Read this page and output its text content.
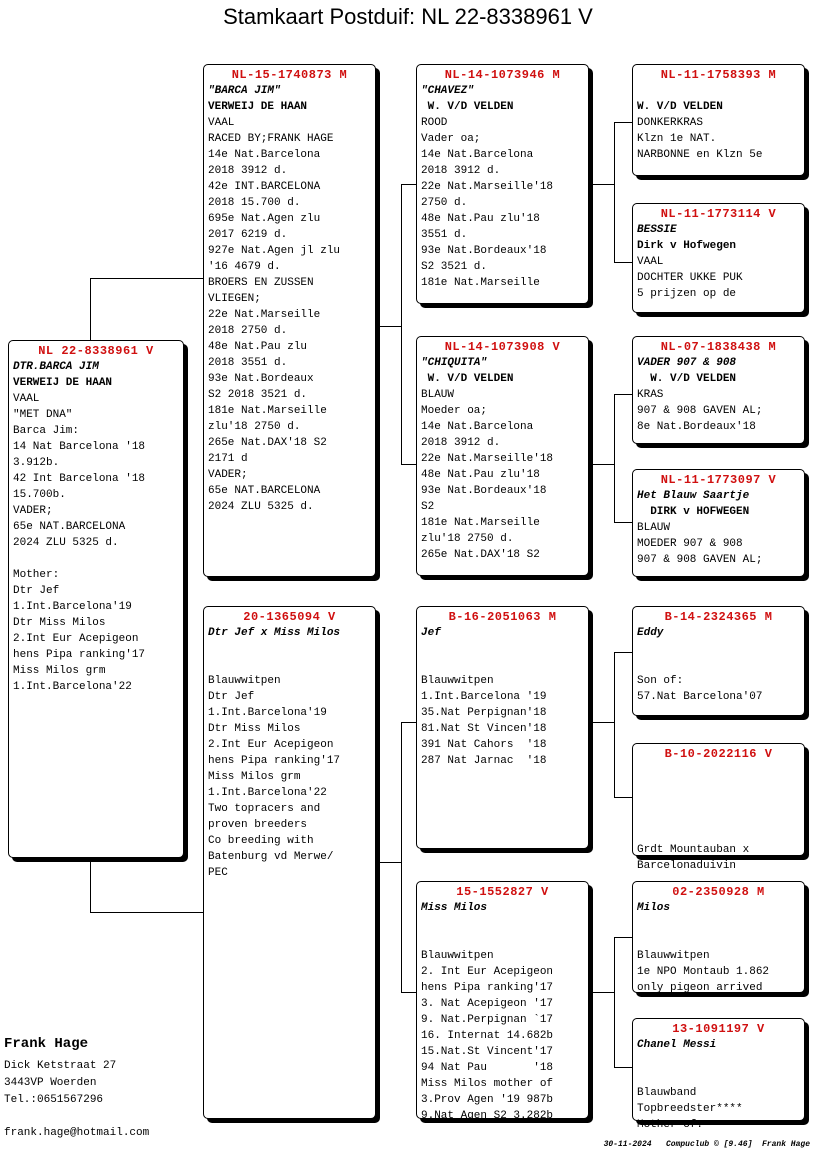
Stamkaart Postduif: NL 22-8338961 V
NL 22-8338961 V
DTR.BARCA JIM
VERWEIJ DE HAAN
VAAL
"MET DNA"
Barca Jim:
14 Nat Barcelona '18
3.912b.
42 Int Barcelona '18
15.700b.
VADER;
65e NAT.BARCELONA
2024 ZLU 5325 d.

Mother:
Dtr Jef
1.Int.Barcelona'19
Dtr Miss Milos
2.Int Eur Acepigeon
hens Pipa ranking'17
Miss Milos grm
1.Int.Barcelona'22
NL-15-1740873 M
"BARCA JIM"
VERWEIJ DE HAAN
VAAL
RACED BY;FRANK HAGE
14e Nat.Barcelona
2018 3912 d.
42e INT.BARCELONA
2018 15.700 d.
695e Nat.Agen zlu
2017 6219 d.
927e Nat.Agen jl zlu
'16 4679 d.
BROERS EN ZUSSEN
VLIEGEN;
22e Nat.Marseille
2018 2750 d.
48e Nat.Pau zlu
2018 3551 d.
93e Nat.Bordeaux
S2 2018 3521 d.
181e Nat.Marseille
zlu'18 2750 d.
265e Nat.DAX'18 S2
2171 d
VADER;
65e NAT.BARCELONA
2024 ZLU 5325 d.
20-1365094 V
Dtr Jef x Miss Milos

Blauwwitpen
Dtr Jef
1.Int.Barcelona'19
Dtr Miss Milos
2.Int Eur Acepigeon
hens Pipa ranking'17
Miss Milos grm
1.Int.Barcelona'22
Two topracers and
proven breeders
Co breeding with
Batenburg vd Merwe/
PEC
NL-14-1073946 M
"CHAVEZ"
W. V/D VELDEN
ROOD
Vader oa;
14e Nat.Barcelona
2018 3912 d.
22e Nat.Marseille'18
2750 d.
48e Nat.Pau zlu'18
3551 d.
93e Nat.Bordeaux'18
S2 3521 d.
181e Nat.Marseille
NL-14-1073908 V
"CHIQUITA"
W. V/D VELDEN
BLAUW
Moeder oa;
14e Nat.Barcelona
2018 3912 d.
22e Nat.Marseille'18
48e Nat.Pau zlu'18
93e Nat.Bordeaux'18
S2
181e Nat.Marseille
zlu'18 2750 d.
265e Nat.DAX'18 S2
B-16-2051063 M
Jef

Blauwwitpen
1.Int.Barcelona '19
35.Nat Perpignan'18
81.Nat St Vincen'18
391 Nat Cahors  '18
287 Nat Jarnac  '18
15-1552827 V
Miss Milos

Blauwwitpen
2. Int Eur Acepigeon
hens Pipa ranking'17
3. Nat Acepigeon '17
9. Nat.Perpignan `17
16. Internat 14.682b
15.Nat.St Vincent'17
94 Nat Pau       '18
Miss Milos mother of
3.Prov Agen '19 987b
9.Nat Agen S2 3.282b
NL-11-1758393 M

W. V/D VELDEN
DONKERKRAS
Klzn 1e NAT.
NARBONNE en Klzn 5e
NL-11-1773114 V
BESSIE
Dirk v Hofwegen
VAAL
DOCHTER UKKE PUK
5 prijzen op de
NL-07-1838438 M
VADER 907 & 908
W. V/D VELDEN
KRAS
907 & 908 GAVEN AL;
8e Nat.Bordeaux'18
NL-11-1773097 V
Het Blauw Saartje
DIRK v HOFWEGEN
BLAUW
MOEDER 907 & 908
907 & 908 GAVEN AL;
B-14-2324365 M
Eddy

Son of:
57.Nat Barcelona'07
B-10-2022116 V

Grdt Mountauban x
Barcelonaduivin
02-2350928 M
Milos

Blauwwitpen
1e NPO Montaub 1.862
only pigeon arrived
13-1091197 V
Chanel Messi

Blauwband
Topbreedster****
Mother of:
Frank Hage
Dick Ketstraat 27
3443VP Woerden
Tel.:0651567296
frank.hage@hotmail.com
30-11-2024   Compuclub © [9.46]  Frank Hage
